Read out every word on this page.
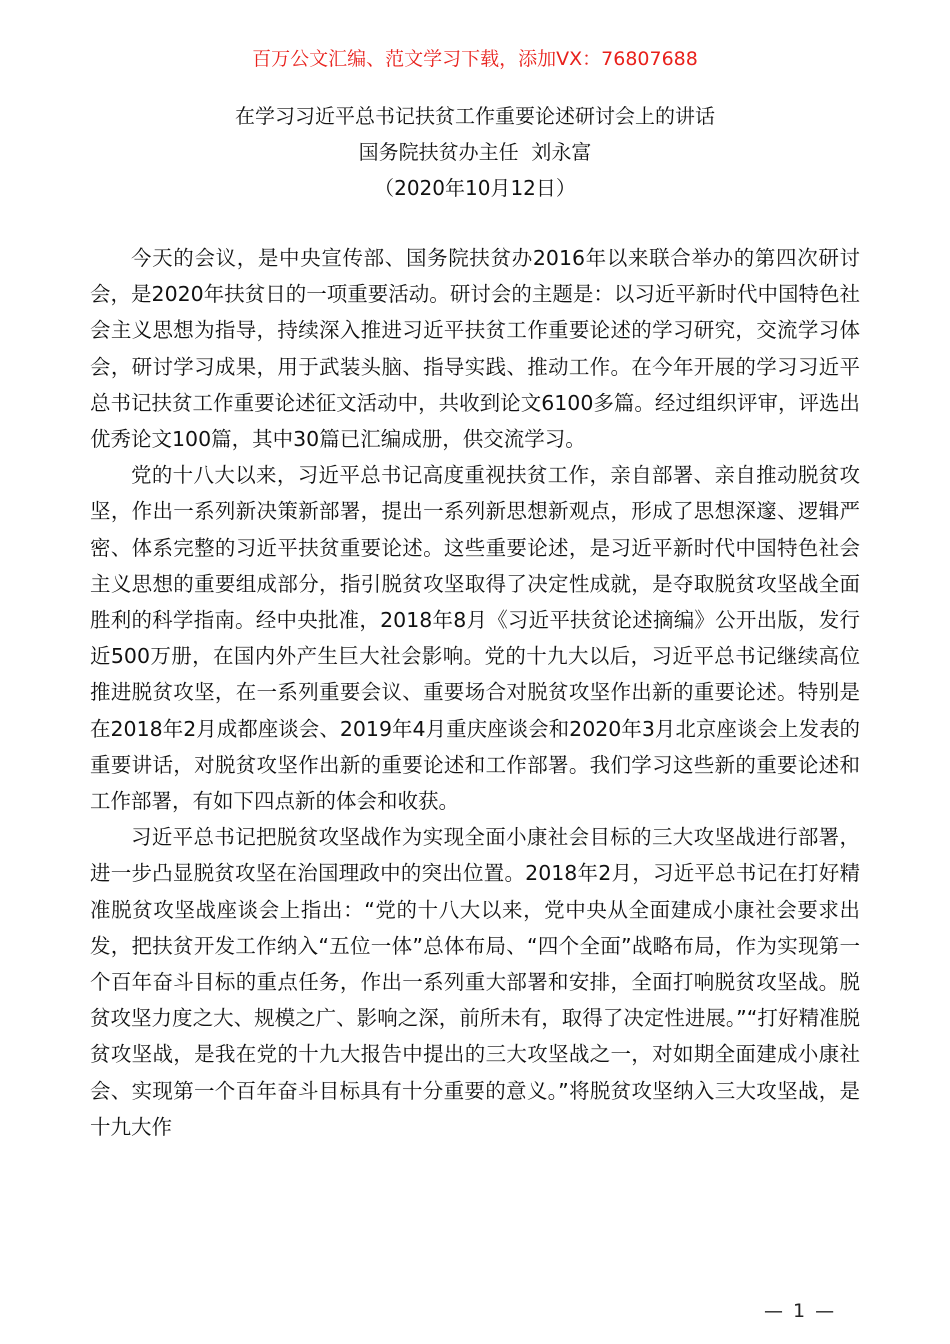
百万公文汇编、范文学习下载，添加VX：76807688
在学习习近平总书记扶贫工作重要论述研讨会上的讲话
国务院扶贫办主任  刘永富
（2020年10月12日）

今天的会议，是中央宣传部、国务院扶贫办2016年以来联合举办的第四次研讨会，是2020年扶贫日的一项重要活动。研讨会的主题是：以习近平新时代中国特色社会主义思想为指导，持续深入推进习近平扶贫工作重要论述的学习研究，交流学习体会，研讨学习成果，用于武装头脑、指导实践、推动工作。在今年开展的学习习近平总书记扶贫工作重要论述征文活动中，共收到论文6100多篇。经过组织评审，评选出优秀论文100篇，其中30篇已汇编成册，供交流学习。

党的十八大以来，习近平总书记高度重视扶贫工作，亲自部署、亲自推动脱贫攻坚，作出一系列新决策新部署，提出一系列新思想新观点，形成了思想深邃、逻辑严密、体系完整的习近平扶贫重要论述。这些重要论述，是习近平新时代中国特色社会主义思想的重要组成部分，指引脱贫攻坚取得了决定性成就，是夺取脱贫攻坚战全面胜利的科学指南。经中央批准，2018年8月《习近平扶贫论述摘编》公开出版，发行近500万册，在国内外产生巨大社会影响。党的十九大以后，习近平总书记继续高位推进脱贫攻坚，在一系列重要会议、重要场合对脱贫攻坚作出新的重要论述。特别是在2018年2月成都座谈会、2019年4月重庆座谈会和2020年3月北京座谈会上发表的重要讲话，对脱贫攻坚作出新的重要论述和工作部署。我们学习这些新的重要论述和工作部署，有如下四点新的体会和收获。

习近平总书记把脱贫攻坚战作为实现全面小康社会目标的三大攻坚战进行部署，进一步凸显脱贫攻坚在治国理政中的突出位置。2018年2月，习近平总书记在打好精准脱贫攻坚战座谈会上指出：“党的十八大以来，党中央从全面建成小康社会要求出发，把扶贫开发工作纳入“五位一体”总体布局、“四个全面”战略布局，作为实现第一个百年奋斗目标的重点任务，作出一系列重大部署和安排，全面打响脱贫攻坚战。脱贫攻坚力度之大、规模之广、影响之深，前所未有，取得了决定性进展。”“打好精准脱贫攻坚战，是我在党的十九大报告中提出的三大攻坚战之一，对如期全面建成小康社会、实现第一个百年奋斗目标具有十分重要的意义。”将脱贫攻坚纳入三大攻坚战，是十九大作

— 1 —
